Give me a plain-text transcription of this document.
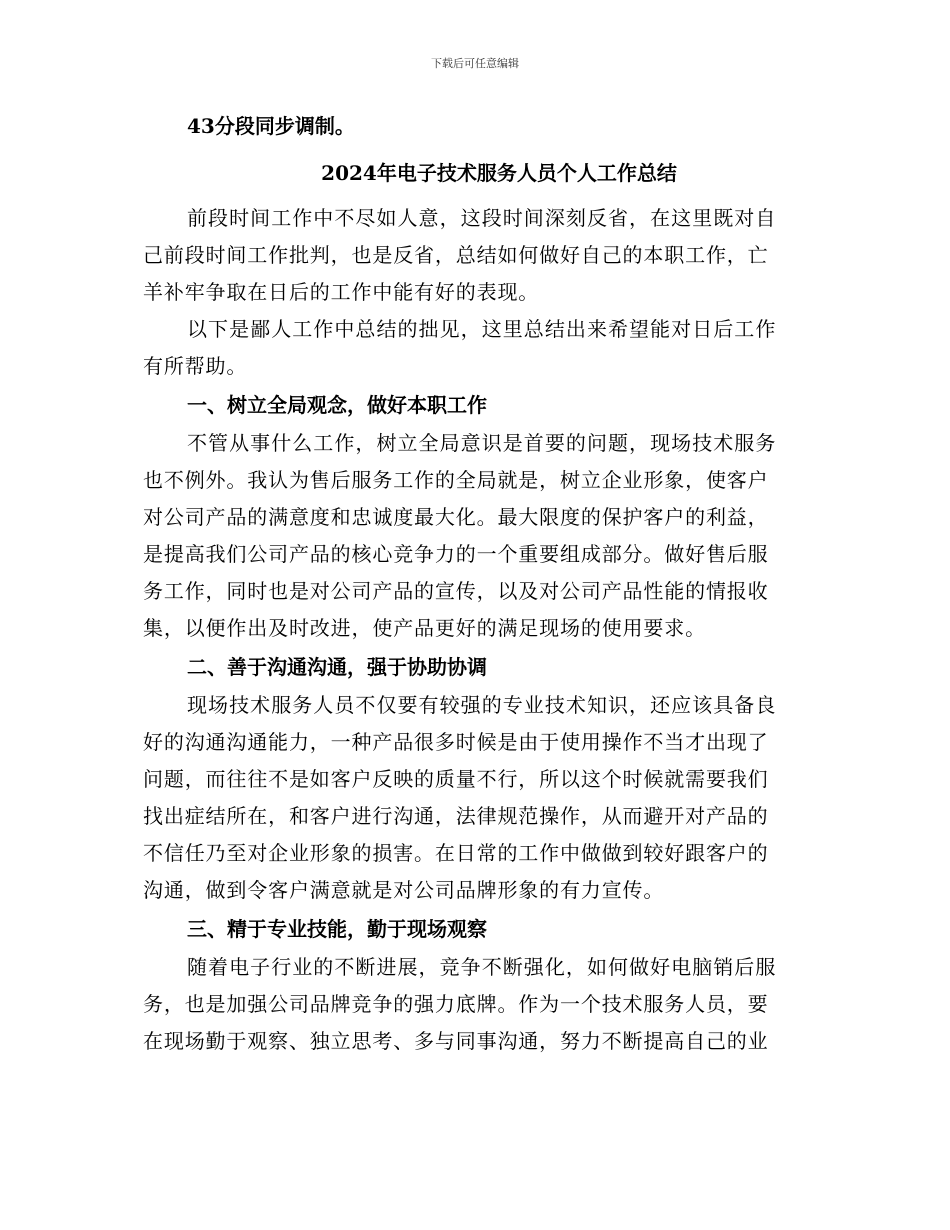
下载后可任意编辑
43分段同步调制。
2024年电子技术服务人员个人工作总结
前段时间工作中不尽如人意，这段时间深刻反省，在这里既对自
己前段时间工作批判，也是反省，总结如何做好自己的本职工作，亡
羊补牢争取在日后的工作中能有好的表现。
以下是鄙人工作中总结的拙见，这里总结出来希望能对日后工作
有所帮助。
一、树立全局观念，做好本职工作
不管从事什么工作，树立全局意识是首要的问题，现场技术服务
也不例外。我认为售后服务工作的全局就是，树立企业形象，使客户
对公司产品的满意度和忠诚度最大化。最大限度的保护客户的利益，
是提高我们公司产品的核心竞争力的一个重要组成部分。做好售后服
务工作，同时也是对公司产品的宣传，以及对公司产品性能的情报收
集，以便作出及时改进，使产品更好的满足现场的使用要求。
二、善于沟通沟通，强于协助协调
现场技术服务人员不仅要有较强的专业技术知识，还应该具备良
好的沟通沟通能力，一种产品很多时候是由于使用操作不当才出现了
问题，而往往不是如客户反映的质量不行，所以这个时候就需要我们
找出症结所在，和客户进行沟通，法律规范操作，从而避开对产品的
不信任乃至对企业形象的损害。在日常的工作中做做到较好跟客户的
沟通，做到令客户满意就是对公司品牌形象的有力宣传。
三、精于专业技能，勤于现场观察
随着电子行业的不断进展，竞争不断强化，如何做好电脑销后服
务，也是加强公司品牌竞争的强力底牌。作为一个技术服务人员，要
在现场勤于观察、独立思考、多与同事沟通，努力不断提高自己的业
